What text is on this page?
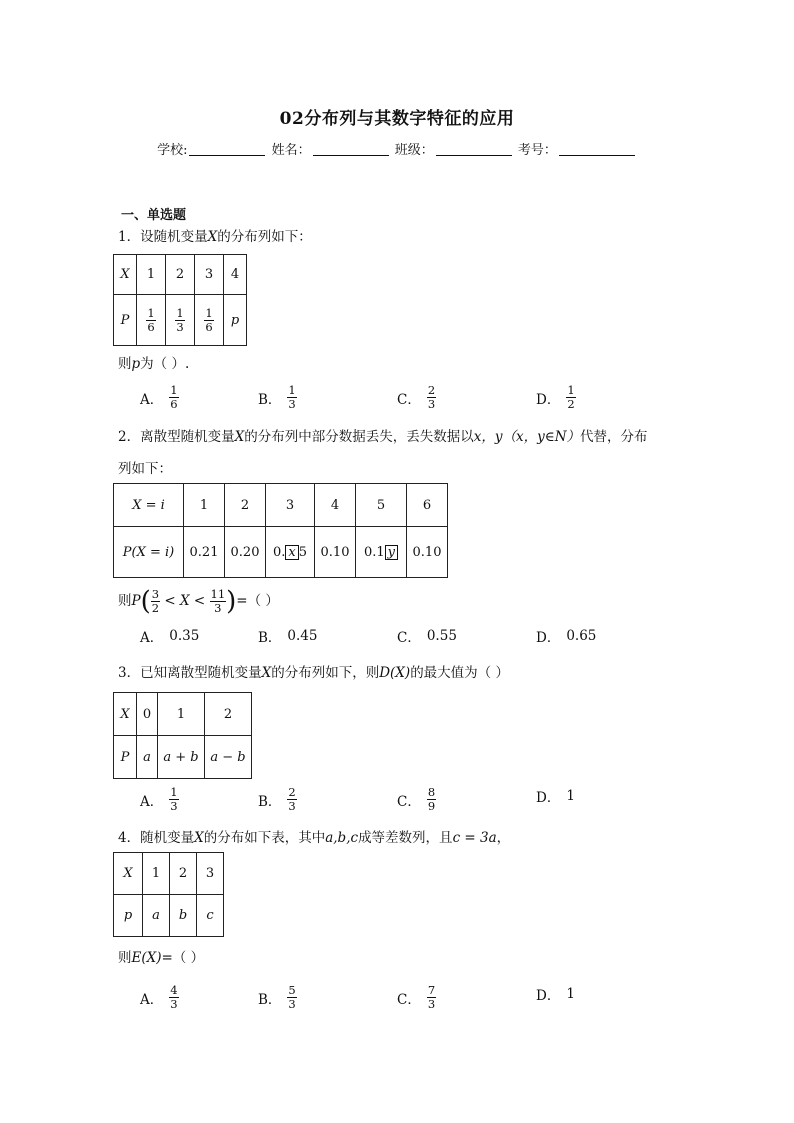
02分布列与其数字特征的应用
学校:	姓名：	班级：	考号：
一、单选题
1．设随机变量X的分布列如下：
X	1	2	3	4
P	$\frac{1}{6}$	$\frac{1}{3}$	$\frac{1}{6}$	p
则p为（ ）.
A． $\frac{1}{6}$	B． $\frac{1}{3}$	C． $\frac{2}{3}$	D． $\frac{1}{2}$
2．离散型随机变量X的分布列中部分数据丢失，丢失数据以x，y（x，y∈N）代替，分布
列如下：
X = i	1	2	3	4	5	6
P(X = i)	0.21	0.20	0. x 5	0.10	0.1 y	0.10
则$P( \frac{3}{2} < X < \frac{11}{3}$ )=（ ）
A． 0.35	B． 0.45	C． 0.55	D． 0.65
3．已知离散型随机变量X的分布列如下，则D(X)的最大值为（ ）
X	0	1	2
P	a	a + b	a − b
A． $\frac{1}{3}$	B． $\frac{2}{3}$	C． $\frac{8}{9}$	D． 1
4．随机变量X的分布如下表，其中a,b,c成等差数列，且c = 3a，
X	1	2	3
p	a	b	c
则E(X)=（ ）
A． $\frac{4}{3}$	B． $\frac{5}{3}$	C． $\frac{7}{3}$	D． 1
